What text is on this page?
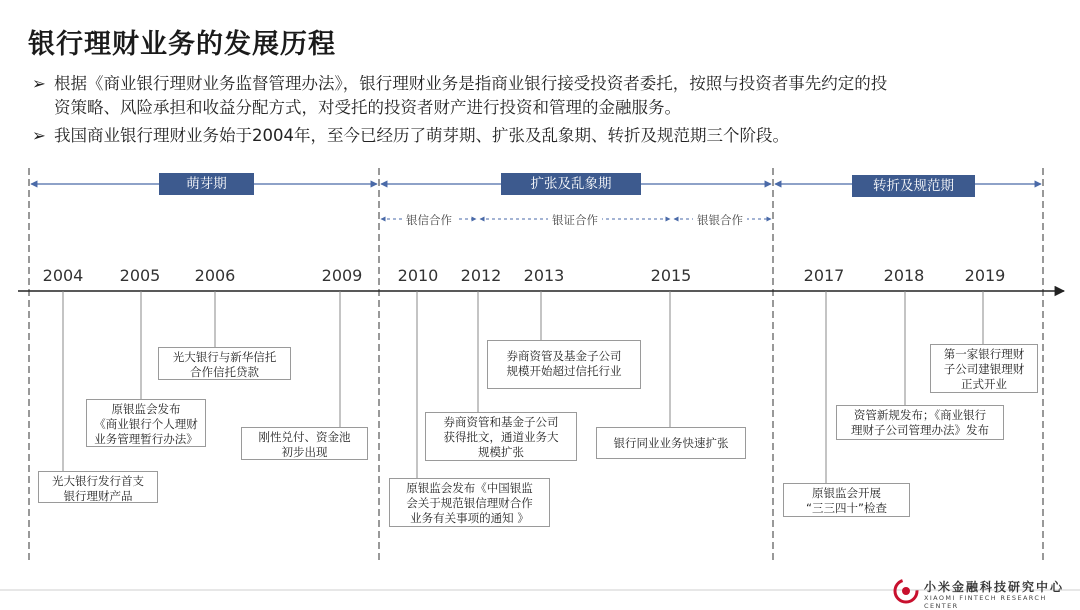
银行理财业务的发展历程
➢ 根据《商业银行理财业务监督管理办法》，银行理财业务是指商业银行接受投资者委托，按照与投资者事先约定的投
资策略、风险承担和收益分配方式，对受托的投资者财产进行投资和管理的金融服务。
➢ 我国商业银行理财业务始于2004年，至今已经历了萌芽期、扩张及乱象期、转折及规范期三个阶段。
萌芽期	扩张及乱象期	转折及规范期
银信合作	银证合作	银银合作
2004	2005	2006	2009	2010	2012	2013	2015	2017	2018	2019
光大银行发行首支
银行理财产品
原银监会发布
《商业银行个人理财
业务管理暂行办法》
光大银行与新华信托
合作信托贷款
刚性兑付、资金池
初步出现
原银监会发布《中国银监
会关于规范银信理财合作
业务有关事项的通知 》
券商资管和基金子公司
获得批文，通道业务大
规模扩张
券商资管及基金子公司
规模开始超过信托行业
银行同业业务快速扩张
原银监会开展
“三三四十”检查
资管新规发布；《商业银行
理财子公司管理办法》发布
第一家银行理财
子公司建银理财
正式开业
小米金融科技研究中心
XIAOMI FINTECH RESEARCH CENTER
